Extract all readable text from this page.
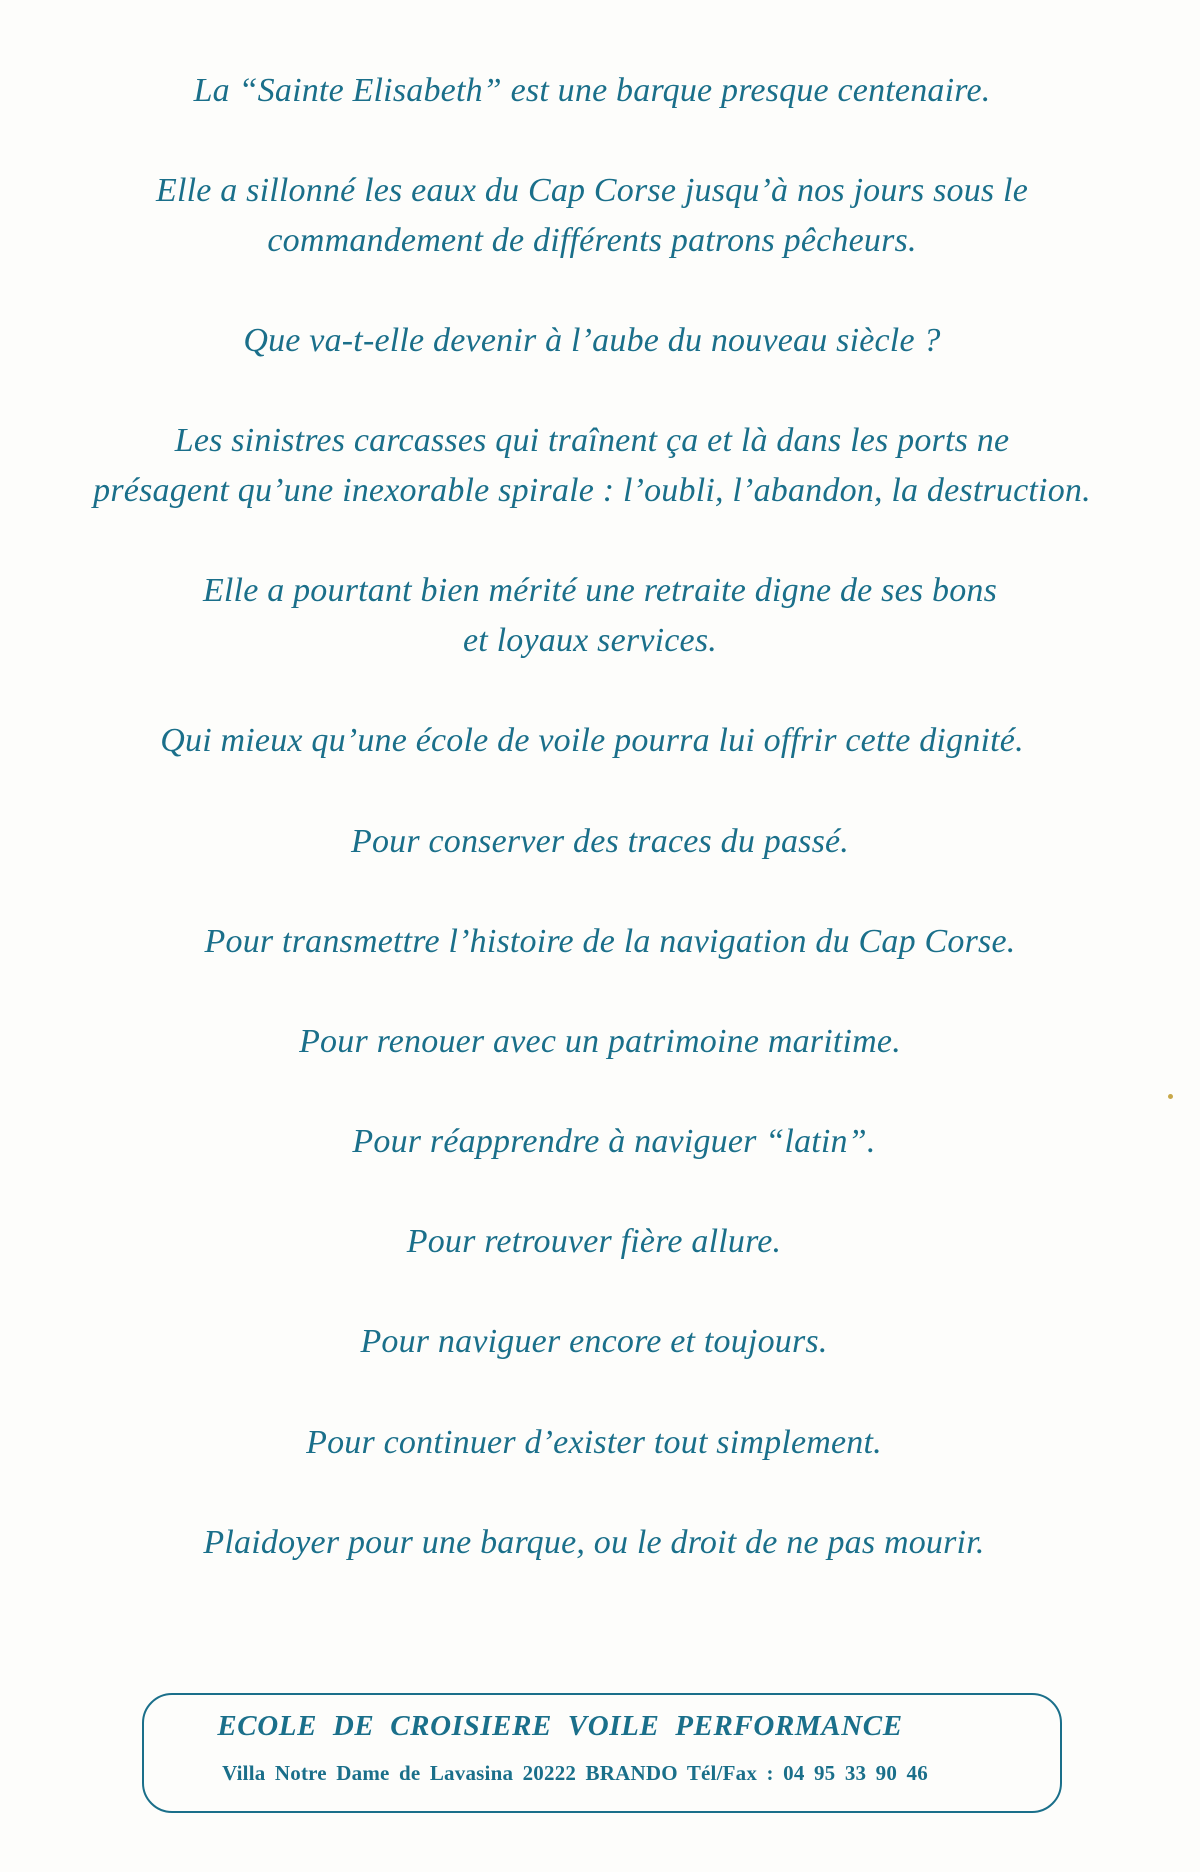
La “Sainte Elisabeth” est une barque presque centenaire.
Elle a sillonné les eaux du Cap Corse jusqu’à nos jours sous le
commandement de différents patrons pêcheurs.
Que va-t-elle devenir à l’aube du nouveau siècle ?
Les sinistres carcasses qui traînent ça et là dans les ports ne
présagent qu’une inexorable spirale : l’oubli, l’abandon, la destruction.
Elle a pourtant bien mérité une retraite digne de ses bons
et loyaux services.
Qui mieux qu’une école de voile pourra lui offrir cette dignité.
Pour conserver des traces du passé.
Pour transmettre l’histoire de la navigation du Cap Corse.
Pour renouer avec un patrimoine maritime.
Pour réapprendre à naviguer “latin”.
Pour retrouver fière allure.
Pour naviguer encore et toujours.
Pour continuer d’exister tout simplement.
Plaidoyer pour une barque, ou le droit de ne pas mourir.
ECOLE DE CROISIERE VOILE PERFORMANCE
Villa Notre Dame de Lavasina 20222 BRANDO Tél/Fax : 04 95 33 90 46
